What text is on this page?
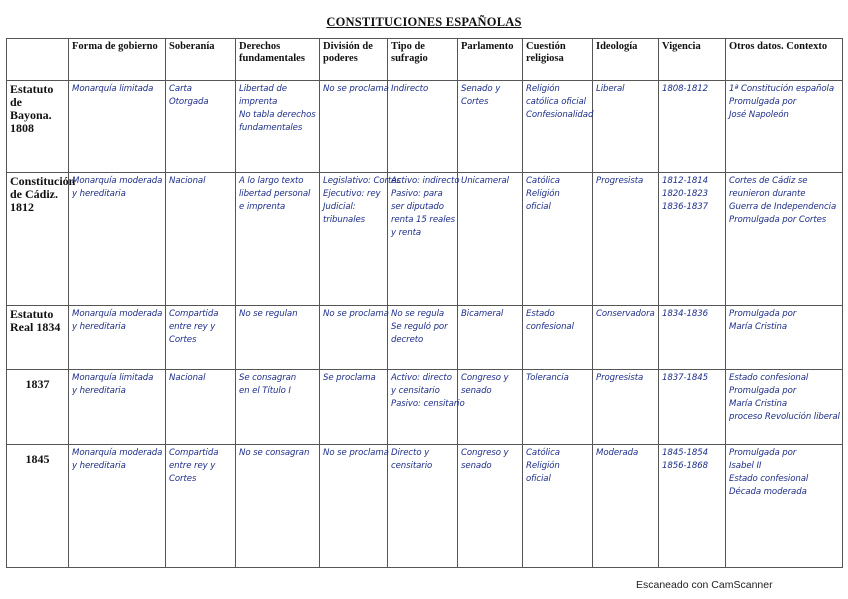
CONSTITUCIONES ESPAÑOLAS
	Forma de gobierno	Soberanía	Derechos fundamentales	División de poderes	Tipo de sufragio	Parlamento	Cuestión religiosa	Ideología	Vigencia	Otros datos. Contexto
Estatuto de Bayona. 1808	Monarquía limitada	Carta
Otorgada	Libertad de
imprenta
No tabla derechos
fundamentales	No se proclama	Indirecto	Senado y
Cortes	Religión
católica oficial
Confesionalidad	Liberal	1808-1812	1ª Constitución española
Promulgada por
José Napoleón

Constitución de Cádiz. 1812	Monarquía moderada
y hereditaria	Nacional	A lo largo texto
libertad personal
e imprenta	Legislativo: Cortes
Ejecutivo: rey
Judicial:
tribunales	Activo: indirecto
Pasivo: para
ser diputado
renta 15 reales
y renta	Unicameral	Católica
Religión
oficial	Progresista	1812-1814
1820-1823
1836-1837	Cortes de Cádiz se
reunieron durante
Guerra de Independencia
Promulgada por Cortes

Estatuto Real 1834	Monarquía moderada
y hereditaria	Compartida
entre rey y
Cortes	No se regulan	No se proclama	No se regula
Se reguló por
decreto	Bicameral	Estado
confesional	Conservadora	1834-1836	Promulgada por
María Cristina

1837	Monarquía limitada
y hereditaria	Nacional	Se consagran
en el Título I	Se proclama	Activo: directo
y censitario
Pasivo: censitario	Congreso y
senado	Tolerancia	Progresista	1837-1845	Estado confesional
Promulgada por
María Cristina
proceso Revolución liberal

1845	Monarquía moderada
y hereditaria	Compartida
entre rey y
Cortes	No se consagran	No se proclama	Directo y
censitario	Congreso y
senado	Católica
Religión
oficial	Moderada	1845-1854
1856-1868	Promulgada por
Isabel II
Estado confesional
Década moderada
Escaneado con CamScanner
